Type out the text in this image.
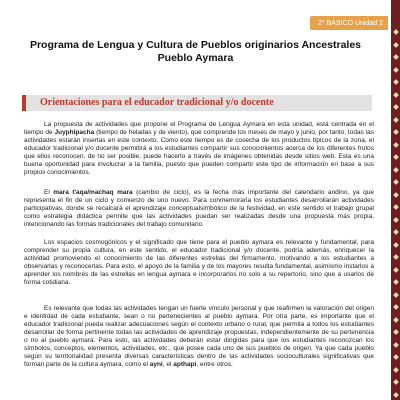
2° BÁSICO Unidad 2
Programa de Lengua y Cultura de Pueblos originarios Ancestrales
Pueblo Aymara
Orientaciones para el educador tradicional y/o docente

La propuesta de actividades que propone el Programa de Lengua Aymara en esta unidad, está centrada en el tiempo de Juyphipacha (tiempo de heladas y de viento), que comprende los meses de mayo y junio, por tanto, todas las actividades estarán insertas en este contexto. Como este tiempo es de cosecha de los productos típicos de la zona, el educador tradicional y/o docente permitirá a los estudiantes compartir sus conocimientos acerca de los diferentes frutos que ellos reconocen, de no ser posible, puede hacerlo a través de imágenes obtenidas desde sitios web. Esta es una buena oportunidad para involucrar a la familia, puesto que pueden compartir este tipo de información en base a sus propios conocimientos.

El mara t'aqa/machaq mara (cambio de ciclo), es la fecha más importante del calendario andino, ya que representa el fin de un ciclo y comienzo de uno nuevo. Para conmemorarla los estudiantes desarrollarán actividades participativas, donde se recalcará el aprendizaje conceptualsimbólico de la festividad, en este sentido el trabajo grupal como estrategia didáctica permite que las actividades puedan ser realizadas desde una propuesta más propia, intencionando las formas tradicionales del trabajo comunitario.

Los espacios cosmogónicos y el significado que tiene para el pueblo aymara es relevante y fundamental, para comprender su propia cultura, en este sentido, el educador tradicional y/o docente, podría además, enriquecer la actividad promoviendo el conocimiento de las diferentes estrellas del firmamento, motivando a los estudiantes a observarlas y reconocerlas. Para esto, el apoyo de la familia y de los mayores resulta fundamental, asimismo instarlos a aprender los nombres de las estrellas en lengua aymara e incorporarlos no solo a su repertorio, sino que a usarlos de forma cotidiana.

Es relevante que todas las actividades tengan un fuerte vínculo personal y que reafirmen la valoración del origen e identidad de cada estudiante, sean o no pertenecientes al pueblo aymara. Por otra parte, es importante que el educador tradicional pueda realizar adecuaciones según el contexto urbano o rural, que permita a todos los estudiantes desarrollar de forma pertinente todas las actividades de aprendizaje propuestas, independientemente de su pertenencia o no al pueblo aymara. Para esto, las actividades deberán estar dirigidas para que los estudiantes reconozcan los símbolos, conceptos, elementos, actividades, etc., que posee cada uno de sus pueblos de origen. Ya que cada pueblo según su territorialidad presenta diversas características dentro de las actividades socioculturales significativas que forman parte de la cultura aymara, como el ayni, el apthapi, entre otros.
